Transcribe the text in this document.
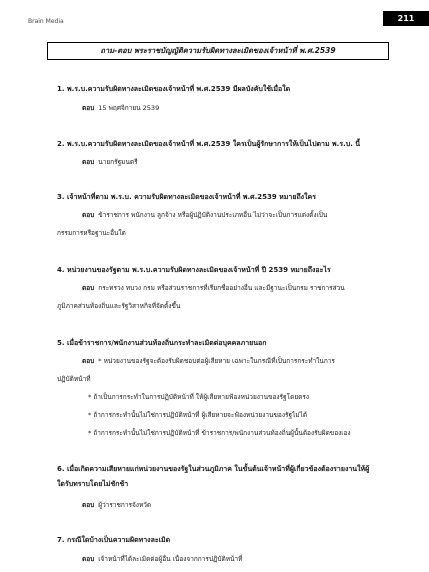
Brain Media	211
ถาม-ตอบ พระราชบัญญัติความรับผิดทางละเมิดของเจ้าหน้าที่ พ.ศ.2539
1. พ.ร.บ.ความรับผิดทางละเมิดของเจ้าหน้าที่ พ.ศ.2539 มีผลบังคับใช้เมื่อใด
ตอบ 15 พฤศจิกายน 2539
2. พ.ร.บ.ความรับผิดทางละเมิดของเจ้าหน้าที่ พ.ศ.2539 ใครเป็นผู้รักษาการให้เป็นไปตาม พ.ร.บ. นี้
ตอบ นายกรัฐมนตรี
3. เจ้าหน้าที่ตาม พ.ร.บ. ความรับผิดทางละเมิดของเจ้าหน้าที่ พ.ศ.2539 หมายถึงใคร
ตอบ ข้าราชการ พนักงาน ลูกจ้าง หรือผู้ปฏิบัติงานประเภทอื่น ไม่ว่าจะเป็นการแต่งตั้งเป็น
กรรมการหรือฐานะอื่นใด
4. หน่วยงานของรัฐตาม พ.ร.บ.ความรับผิดทางละเมิดของเจ้าหน้าที่ ปี 2539 หมายถึงอะไร
ตอบ กระทรวง ทบวง กรม หรือส่วนราชการที่เรียกชื่ออย่างอื่น และมีฐานะเป็นกรม ราชการส่วน
ภูมิภาคส่วนท้องถิ่นและรัฐวิสาหกิจที่จัดตั้งขึ้น
5. เมื่อข้าราชการ/พนักงานส่วนท้องถิ่นกระทำละเมิดต่อบุคคลภายนอก
ตอบ * หน่วยงานของรัฐจะต้องรับผิดชอบต่อผู้เสียหาย เฉพาะในกรณีที่เป็นการกระทำในการ
ปฏิบัติหน้าที่
* ถ้าเป็นการกระทำในการปฏิบัติหน้าที่ ให้ผู้เสียหายฟ้องหน่วยงานของรัฐโดยตรง
* ถ้าการกระทำนั้นไม่ใช่การปฏิบัติหน้าที่ ผู้เสียหายจะฟ้องหน่วยงานของรัฐไม่ได้
* ถ้าการกระทำนั้นไม่ใช่การปฏิบัติหน้าที่ ข้าราชการ/พนักงานส่วนท้องถิ่นผู้นั้นต้องรับผิดของเอง
6. เมื่อเกิดความเสียหายแก่หน่วยงานของรัฐในส่วนภูมิภาค ในขั้นต้นเจ้าหน้าที่ผู้เกี่ยวข้องต้องรายงานให้ผู้ใดรับทราบโดยไม่ชักช้า
ตอบ ผู้ว่าราชการจังหวัด
7. กรณีใดบ้างเป็นความผิดทางละเมิด
ตอบ เจ้าหน้าที่ได้ละเมิดต่อผู้อื่น เนื่องจากการปฏิบัติหน้าที่
